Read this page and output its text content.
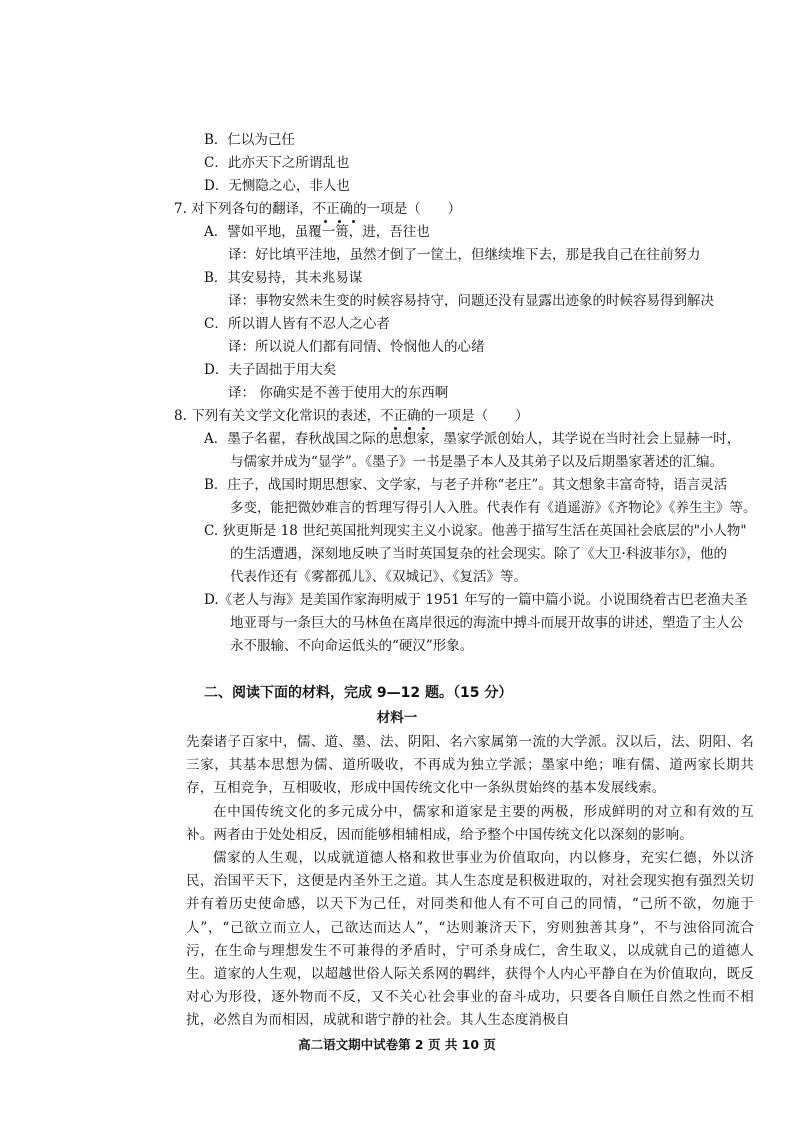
B．仁以为己任
C．此亦天下之所谓乱也
D．无恻隐之心，非人也
7. 对下列各句的翻译，不正确的一项是（　　）
A．譬如平地，虽覆一篑，进，吾往也
译：好比填平洼地，虽然才倒了一筐土，但继续堆下去，那是我自己在往前努力
B．其安易持，其未兆易谋
译：事物安然未生变的时候容易持守，问题还没有显露出迹象的时候容易得到解决
C．所以谓人皆有不忍人之心者
译：所以说人们都有同情、怜悯他人的心绪
D．夫子固拙于用大矣
译： 你确实是不善于使用大的东西啊
8. 下列有关文学文化常识的表述，不正确的一项是（　　）
A．墨子名翟，春秋战国之际的思想家，墨家学派创始人，其学说在当时社会上显赫一时，
与儒家并成为“显学”。《墨子》一书是墨子本人及其弟子以及后期墨家著述的汇编。
B．庄子，战国时期思想家、文学家，与老子并称“老庄”。其文想象丰富奇特，语言灵活
多变，能把微妙难言的哲理写得引人入胜。代表作有《逍遥游》《齐物论》《养生主》等。
C. 狄更斯是 18 世纪英国批判现实主义小说家。他善于描写生活在英国社会底层的"小人物"
的生活遭遇，深刻地反映了当时英国复杂的社会现实。除了《大卫·科波菲尔》，他的
代表作还有《雾都孤儿》、《双城记》、《复活》等。
D.《老人与海》是美国作家海明威于 1951 年写的一篇中篇小说。小说围绕着古巴老渔夫圣
地亚哥与一条巨大的马林鱼在离岸很远的海流中搏斗而展开故事的讲述，塑造了主人公
永不服输、不向命运低头的“硬汉”形象。
二、阅读下面的材料，完成 9—12 题。（15 分）
材料一

先秦诸子百家中，儒、道、墨、法、阴阳、名六家属第一流的大学派。汉以后，法、阴阳、名三家，其基本思想为儒、道所吸收，不再成为独立学派；墨家中绝；唯有儒、道两家长期共存，互相竞争，互相吸收，形成中国传统文化中一条纵贯始终的基本发展线索。

在中国传统文化的多元成分中，儒家和道家是主要的两极，形成鲜明的对立和有效的互补。两者由于处处相反，因而能够相辅相成，给予整个中国传统文化以深刻的影响。

儒家的人生观，以成就道德人格和救世事业为价值取向，内以修身，充实仁德，外以济民，治国平天下，这便是内圣外王之道。其人生态度是积极进取的，对社会现实抱有强烈关切并有着历史使命感，以天下为己任，对同类和他人有不可自己的同情，“己所不欲，勿施于人”，“己欲立而立人，己欲达而达人”，“达则兼济天下，穷则独善其身”，不与浊俗同流合污，在生命与理想发生不可兼得的矛盾时，宁可杀身成仁，舍生取义，以成就自己的道德人生。道家的人生观，以超越世俗人际关系网的羁绊，获得个人内心平静自在为价值取向，既反对心为形役，逐外物而不反，又不关心社会事业的奋斗成功，只要各自顺任自然之性而不相扰，必然自为而相因，成就和谐宁静的社会。其人生态度消极自

高二语文期中试卷第 2 页 共 10 页
